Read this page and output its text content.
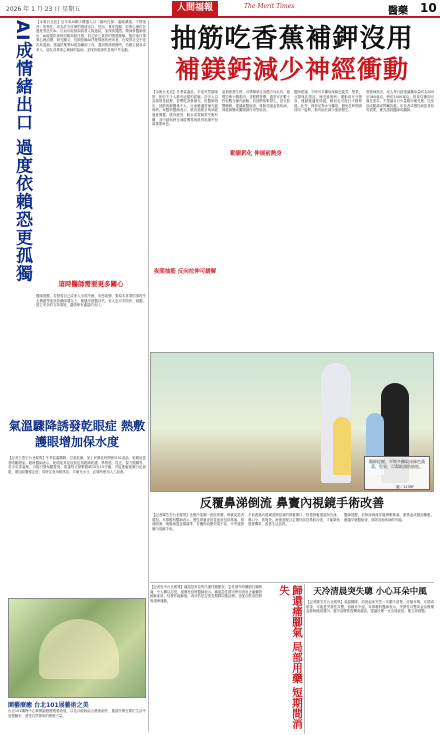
2026 年 1 月 23 日 星期五	人間福報	The Merit Times	醫藥 10
AI成情緒出口 過度依賴恐更孤獨 【本報台北訊】近年來AI聊天機器人以「隨時在線、溫暖溝通、不帶批判」的特性，成為許多民眾的情緒出口。然而，專家提醒，若將心理信任過度寄託於AI，反而可能削弱真實人際連結，加深孤獨感。精神科醫師指出，AI能提供即時回應與陪伴感，但它缺乏真實的情感理解，無法取代專業心理治療。研究顯示，長期依賴AI抒發情緒的使用者，在現實社交中更容易退縮。建議民眾將AI視為輔助工具，遇到情緒困擾時，仍應主動尋求家人、朋友或專業心理師的協助，並保持規律作息與戶外活動。
這時醫師需要更多關心
醫師提醒，若發現自己或家人出現失眠、食慾改變、對原本喜愛的事物失去興趣等症狀持續兩週以上，應儘早就醫評估。家人也可多陪伴、傾聽，建立安全的支持環境，讓情緒有適當的出口。
氣溫驟降誘發乾眼症 熱敷護眼增加保水度
【記者王思宇台北報導】冬季氣溫驟降，空氣乾燥，加上民眾長時間使用3C產品，乾眼症患者明顯增加。眼科醫師表示，乾眼症常見症狀包括眼睛乾澀、異物感、畏光、視力模糊等，若未妥善處理，可能引發角膜發炎。建議每天熱敷眼睛10至15分鐘，可促進瞼板腺分泌油脂，增加淚膜穩定度；同時注意用眼休息、多補充水分，必要時使用人工淚液。
園藝療癒 台北101展藝術之美
台北101購物中心舉辦園藝療癒藝術展，以花卉植栽結合藝術創作，邀請民眾在繁忙生活中放慢腳步，感受自然帶來的療癒力量。
抽筋吃香蕉補鉀沒用
補鎂鈣減少神經衝動
【本報台北訊】冬季氣溫低，半夜突然腳抽筋，相信不少人都有這樣的經驗。許多人以為抽筋是缺鉀，習慣吃香蕉補充，但醫師指出，抽筋與鉀關係不大，反而應適度補充鎂與鈣。家醫科醫師表示，肌肉抽筋多與神經過度興奮、肌肉疲勞、脫水或電解質失衡有關，其中鎂與鈣在神經傳導與肌肉收縮中扮演重要角色。
夜間抽筋 反向拉伸可緩解
當抽筋發生時，可將腳掌往身體方向反折，緩慢拉伸小腿肌肉，並輕輕按摩，通常可在數十秒至數分鐘內緩解。若抽筋頻繁發生，甚至影響睡眠，建議就醫檢查，排除周邊血管疾病、神經病變或藥物副作用等原因。
動脈鈣化 伸展前熱身
醫師建議，平時可多攝取深綠色蔬菜、堅果、豆類與乳製品，補充鎂與鈣；運動前充分熱身，運動後適度伸展，睡前也可進行小腿伸展。此外，保持足夠水分攝取，避免長時間維持同一姿勢，都有助於減少抽筋發生。
營養師指出，成人每日鎂建議攝取量約為300至360毫克，鈣約1000毫克。飲食均衡即可滿足需求，不建議自行大量服用補充劑，以免造成腹瀉或腎臟負擔。年長者或慢性病患者如有需要，應先諮詢醫師或藥師。
醫師提醒，平時多攝取深綠色蔬菜、堅果，可幫助預防抽筋。
圖／123RF
反覆鼻涕倒流 鼻竇內視鏡手術改善
【記者陳芳芳台北報導】近期冷氣團一波波來襲，鼻竇炎患者增加。耳鼻喉科醫師表示，慢性鼻竇炎常見症狀包括鼻塞、鼻涕倒流、嗅覺減退及頭痛等，若藥物治療效果不佳，可考慮鼻竇內視鏡手術。
手術透過內視鏡清除阻塞的鼻竇開口，恢復鼻竇通氣與引流，傷口小、恢復快。術後需配合定期回診及鼻腔沖洗，才能降低復發機率，改善生活品質。
醫師提醒，若鼻涕倒流伴隨單側鼻塞、流鼻血或臉部腫脹，應儘早就醫檢查，排除其他疾病的可能。
【記者吳中台北報導】痛風是常見的代謝性關節炎，急性發作時關節紅腫熱痛，令人難以忍受。風濕免疫科醫師表示，痛風急性期可使用消炎止痛藥物緩解症狀，待發作緩解後，再評估是否需長期降尿酸治療，並配合飲食控制與規律運動。	歸還痛腳氣 局部用藥 短期間消失	天冷清晨突失聰 小心耳朵中風
【記者陳芳芳台北報導】氣溫驟降，清晨起床突然一耳聽不清楚，伴隨耳鳴、耳悶或眩暈，可能是突發性耳聾，俗稱耳中風。耳鼻喉科醫師表示，突發性耳聾黃金治療期為發病後兩週內，越早治療恢復機會越高，建議民眾一旦出現症狀，應立即就醫。
